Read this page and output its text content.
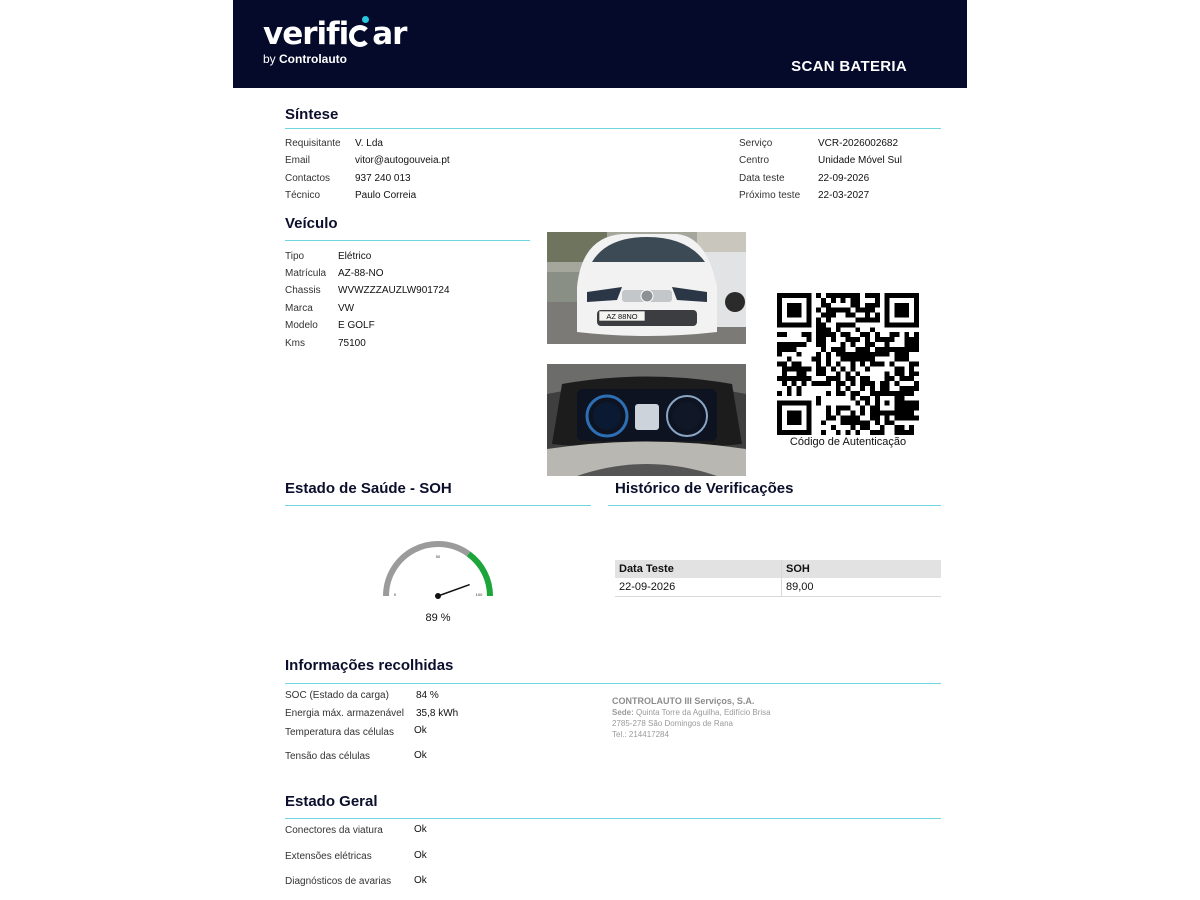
verifi ar
by Controlauto	SCAN BATERIA
Síntese
Requisitante V. Lda
Email	vitor@autogouveia.pt
Contactos 937 240 013
Técnico	Paulo Correia
Serviço	VCR-2026002682
Centro	Unidade Móvel Sul
Data teste	22-09-2026
Próximo teste 22-03-2027
Veículo
Tipo	Elétrico
Matrícula AZ-88-NO
Chassis WVWZZZAUZLW901724
Marca	VW
Modelo E GOLF
Kms	75100
AZ 88NO
Código de Autenticação
Estado de Saúde - SOH
0
50
100
89 %
Histórico de Verificações
Data Teste	SOH
22-09-2026	89,00
Informações recolhidas
SOC (Estado da carga)	84 %
Energia máx. armazenável 35,8 kWh
Temperatura das células Ok
Tensão das células	Ok
CONTROLAUTO III Serviços, S.A.
Sede: Quinta Torre da Aguilha, Edifício Brisa
2785-278 São Domingos de Rana
Tel.: 214417284
Estado Geral
Conectores da viatura	Ok
Extensões elétricas	Ok
Diagnósticos de avarias Ok
